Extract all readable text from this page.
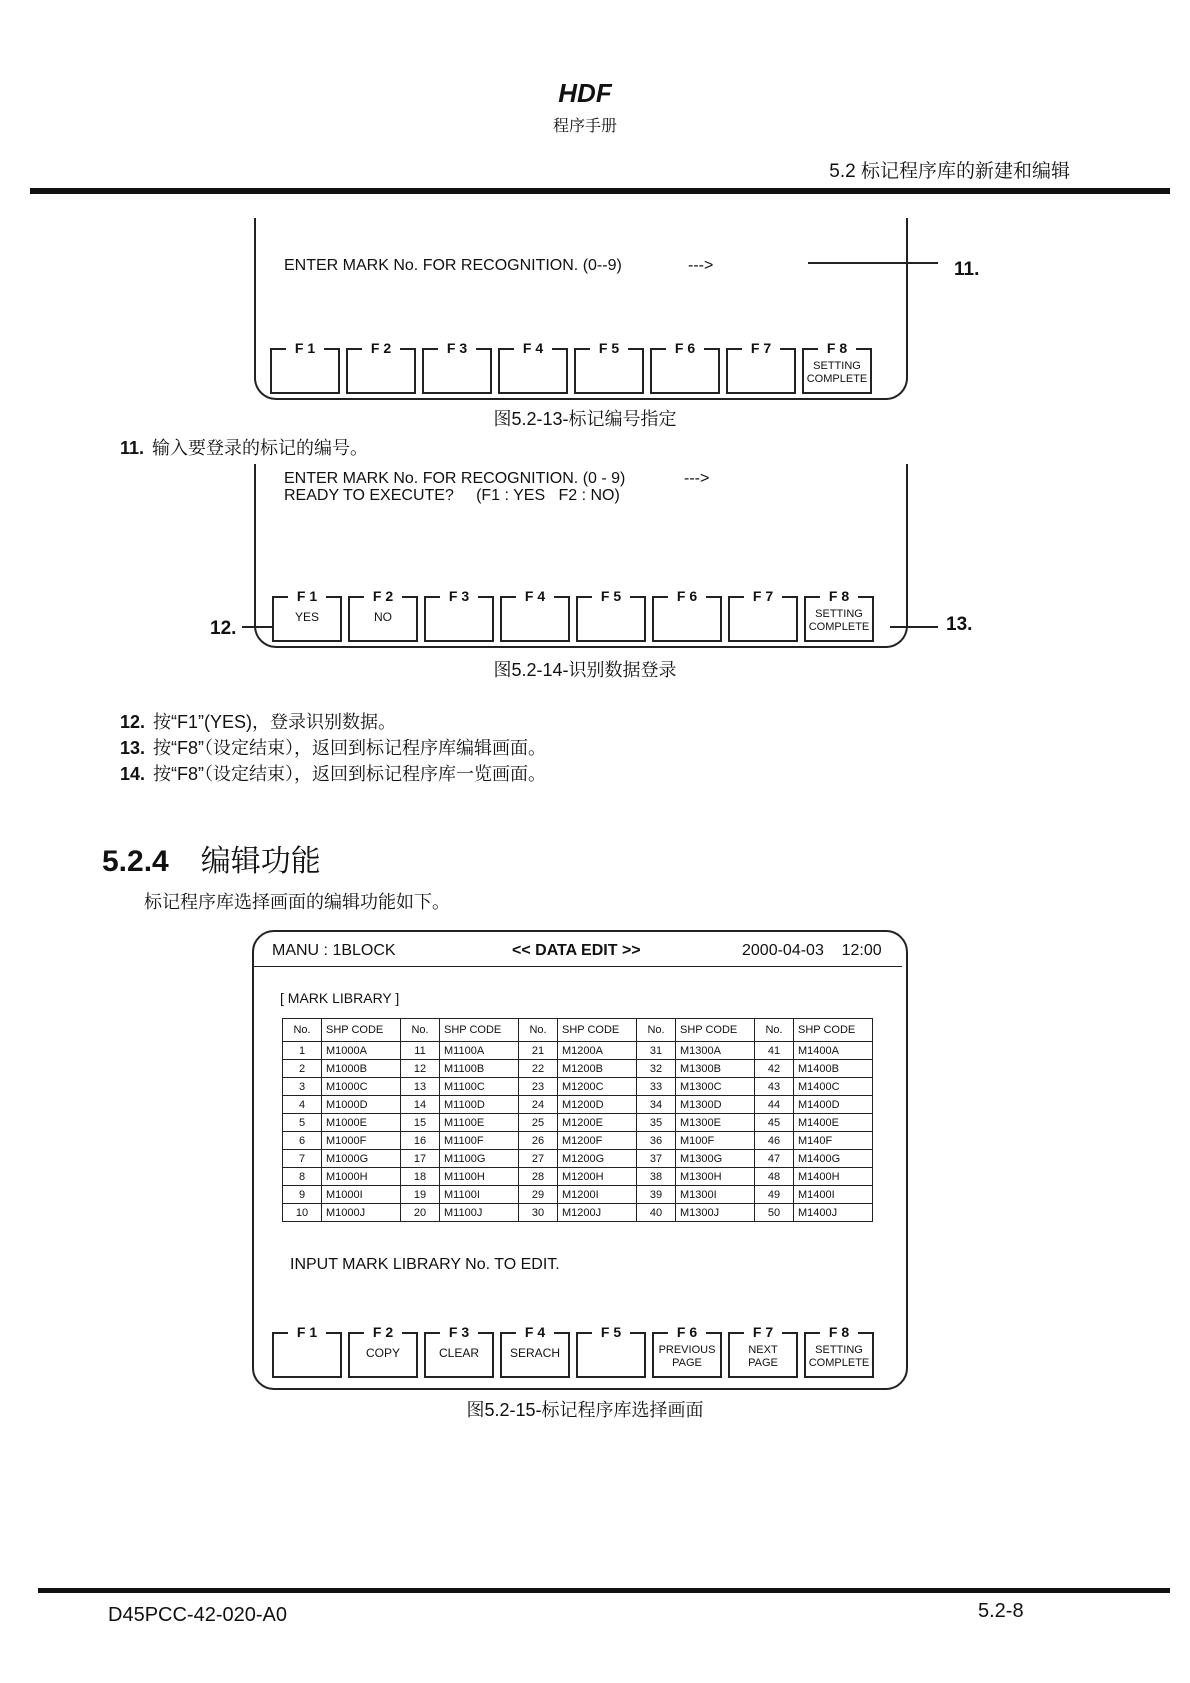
HDF
程序手册
5.2 标记程序库的新建和编辑
ENTER MARK No. FOR RECOGNITION. (0--9)	--->	11.
F 1	F 2	F 3	F 4	F 5	F 6	F 7	F 8
SETTING
COMPLETE
图5.2-13-标记编号指定
11. 输入要登录的标记的编号。
ENTER MARK No. FOR RECOGNITION. (0 - 9)	--->
READY TO EXECUTE?     (F1 : YES   F2 : NO)
12.	13.
F 1
YES
F 2
NO
F 3	F 4	F 5	F 6	F 7	F 8
SETTING
COMPLETE
图5.2-14-识别数据登录
12. 按“F1”(YES)，登录识别数据。
13. 按“F8”（设定结束），返回到标记程序库编辑画面。
14. 按“F8”（设定结束），返回到标记程序库一览画面。
5.2.4 编辑功能
标记程序库选择画面的编辑功能如下。
MANU : 1BLOCK	<< DATA EDIT >>	2000-04-03    12:00
[ MARK LIBRARY ]
No.	SHP CODE	No.	SHP CODE	No.	SHP CODE	No.	SHP CODE	No.	SHP CODE
1	M1000A	11	M1100A	21	M1200A	31	M1300A	41	M1400A
2	M1000B	12	M1100B	22	M1200B	32	M1300B	42	M1400B
3	M1000C	13	M1100C	23	M1200C	33	M1300C	43	M1400C
4	M1000D	14	M1100D	24	M1200D	34	M1300D	44	M1400D
5	M1000E	15	M1100E	25	M1200E	35	M1300E	45	M1400E
6	M1000F	16	M1100F	26	M1200F	36	M100F	46	M140F
7	M1000G	17	M1100G	27	M1200G	37	M1300G	47	M1400G
8	M1000H	18	M1100H	28	M1200H	38	M1300H	48	M1400H
9	M1000I	19	M1100I	29	M1200I	39	M1300I	49	M1400I
10	M1000J	20	M1100J	30	M1200J	40	M1300J	50	M1400J
INPUT MARK LIBRARY No. TO EDIT.
F 1	F 2
COPY
F 3
CLEAR
F 4
SERACH
F 5	F 6
PREVIOUS
PAGE
F 7
NEXT
PAGE
F 8
SETTING
COMPLETE
图5.2-15-标记程序库选择画面
D45PCC-42-020-A0	5.2-8
